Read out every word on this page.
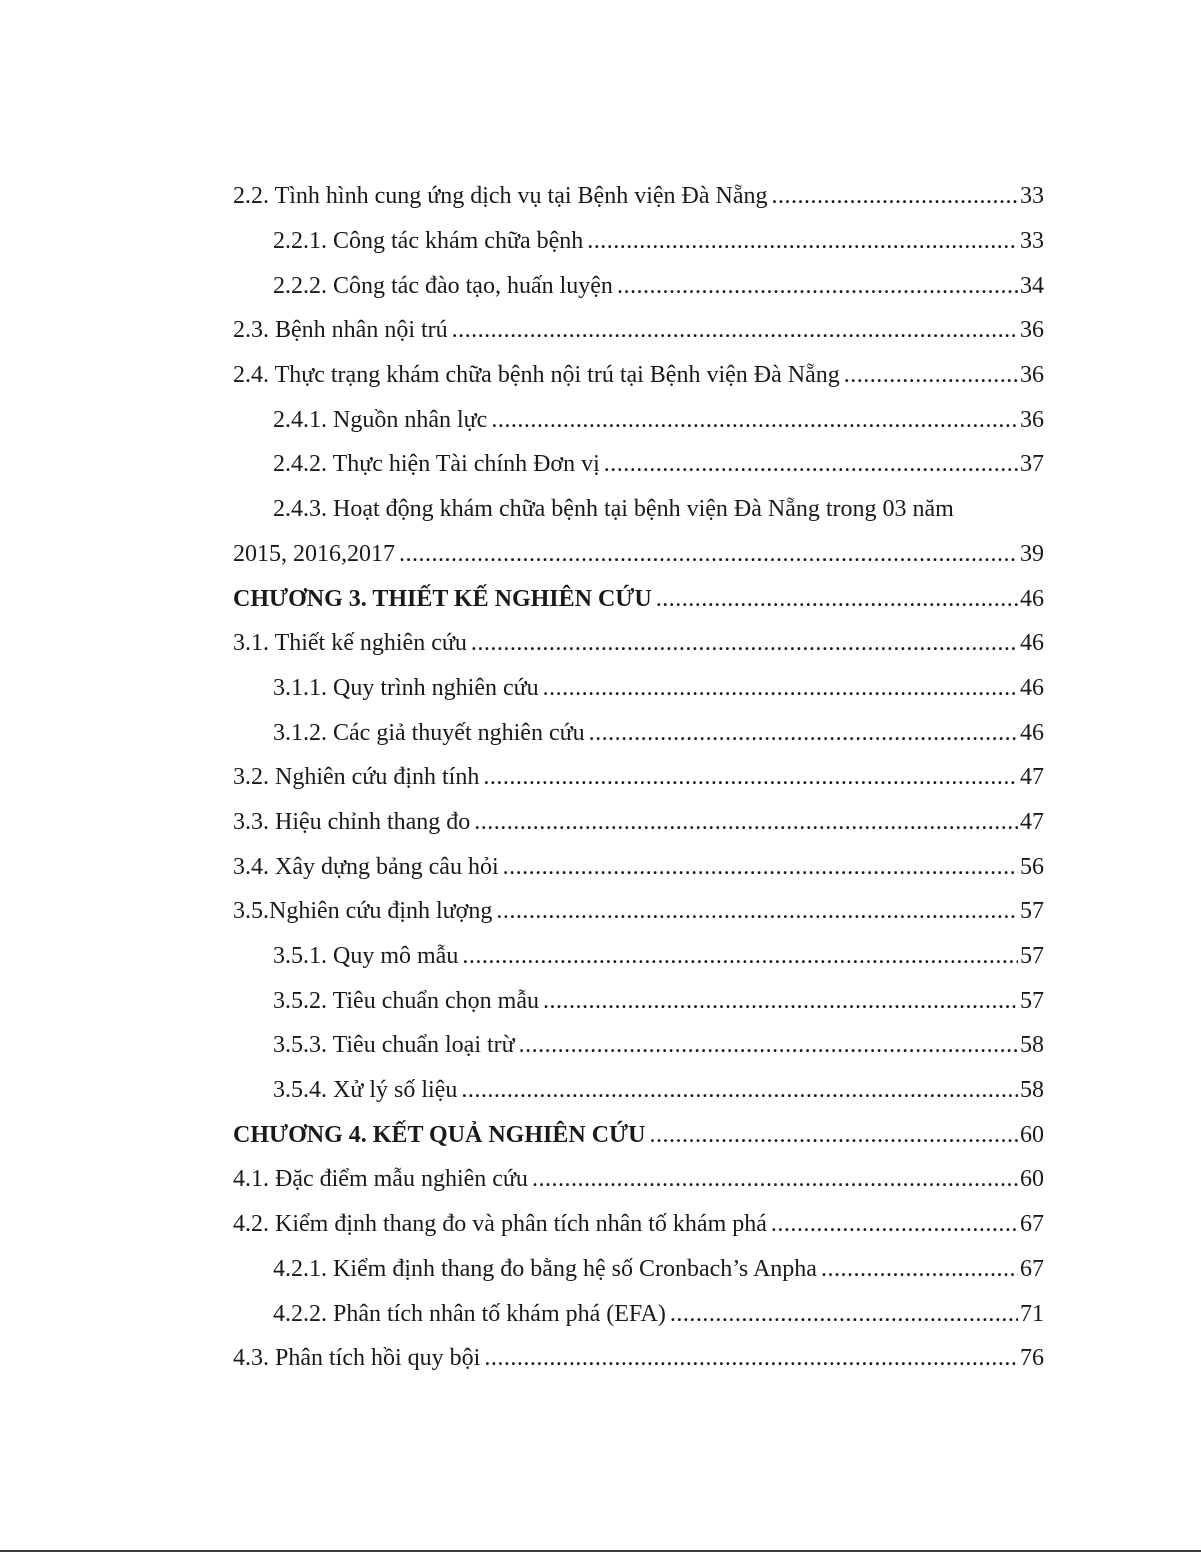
2.2. Tình hình cung ứng dịch vụ tại Bệnh viện Đà Nẵng .....	33
2.2.1. Công tác khám chữa bệnh .....	33
2.2.2. Công tác đào tạo, huấn luyện .....	34
2.3. Bệnh nhân nội trú .....	36
2.4. Thực trạng khám chữa bệnh nội trú tại Bệnh viện Đà Nẵng .....	36
2.4.1. Nguồn nhân lực .....	36
2.4.2. Thực hiện Tài chính Đơn vị .....	37
2.4.3. Hoạt động khám chữa bệnh tại bệnh viện Đà Nẵng trong 03 năm
2015, 2016,2017 .....	39
CHƯƠNG 3. THIẾT KẾ NGHIÊN CỨU .....	46
3.1. Thiết kế nghiên cứu .....	46
3.1.1. Quy trình nghiên cứu .....	46
3.1.2. Các giả thuyết nghiên cứu .....	46
3.2. Nghiên cứu định tính .....	47
3.3. Hiệu chỉnh thang đo .....	47
3.4. Xây dựng bảng câu hỏi .....	56
3.5.Nghiên cứu định lượng .....	57
3.5.1. Quy mô mẫu .....	57
3.5.2. Tiêu chuẩn chọn mẫu .....	57
3.5.3. Tiêu chuẩn loại trừ .....	58
3.5.4. Xử lý số liệu .....	58
CHƯƠNG 4. KẾT QUẢ NGHIÊN CỨU .....	60
4.1. Đặc điểm mẫu nghiên cứu .....	60
4.2. Kiểm định thang đo và phân tích nhân tố khám phá .....	67
4.2.1. Kiểm định thang đo bằng hệ số Cronbach’s Anpha .....	67
4.2.2. Phân tích nhân tố khám phá (EFA) .....	71
4.3. Phân tích hồi quy bội .....	76
